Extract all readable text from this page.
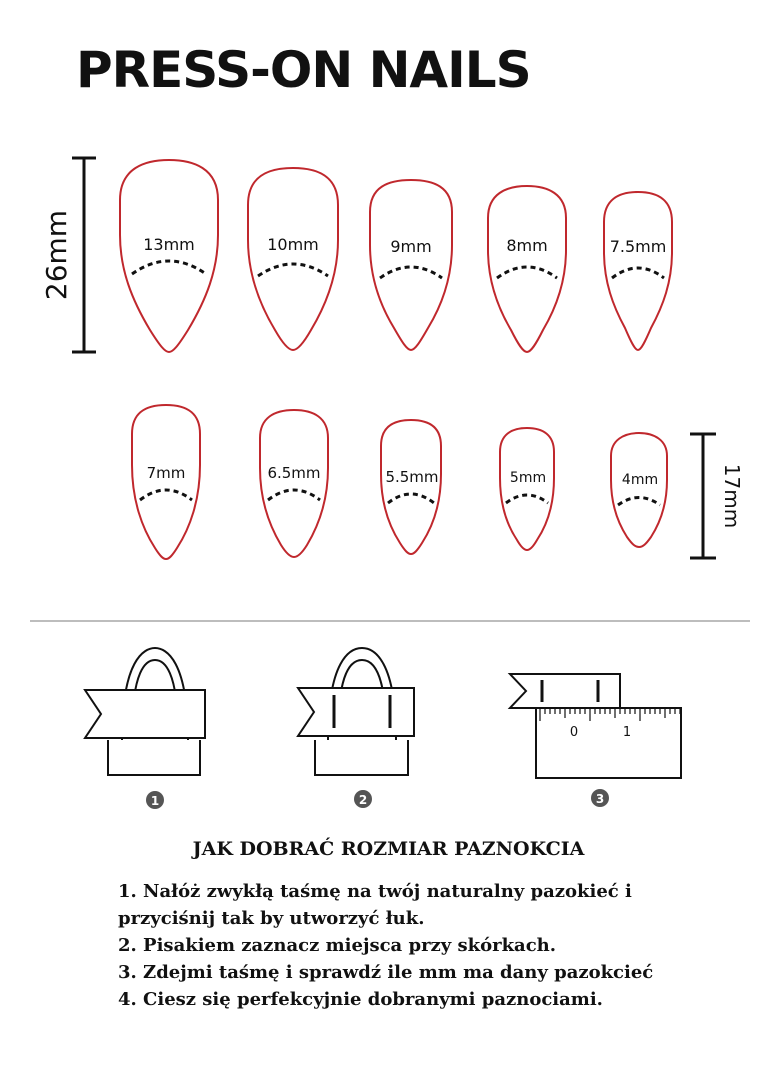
PRESS-ON NAILS
26mm
17mm
13mm	10mm	9mm	8mm	7.5mm
7mm	6.5mm	5.5mm	5mm	4mm
1	2
0	1
3
JAK DOBRAĆ ROZMIAR PAZNOKCIA
1. Nałóż zwykłą taśmę na twój naturalny pazokieć i
przyciśnij tak by utworzyć łuk.
2. Pisakiem zaznacz miejsca przy skórkach.
3. Zdejmi taśmę i sprawdź ile mm ma dany pazokcieć
4. Ciesz się perfekcyjnie dobranymi paznociami.
